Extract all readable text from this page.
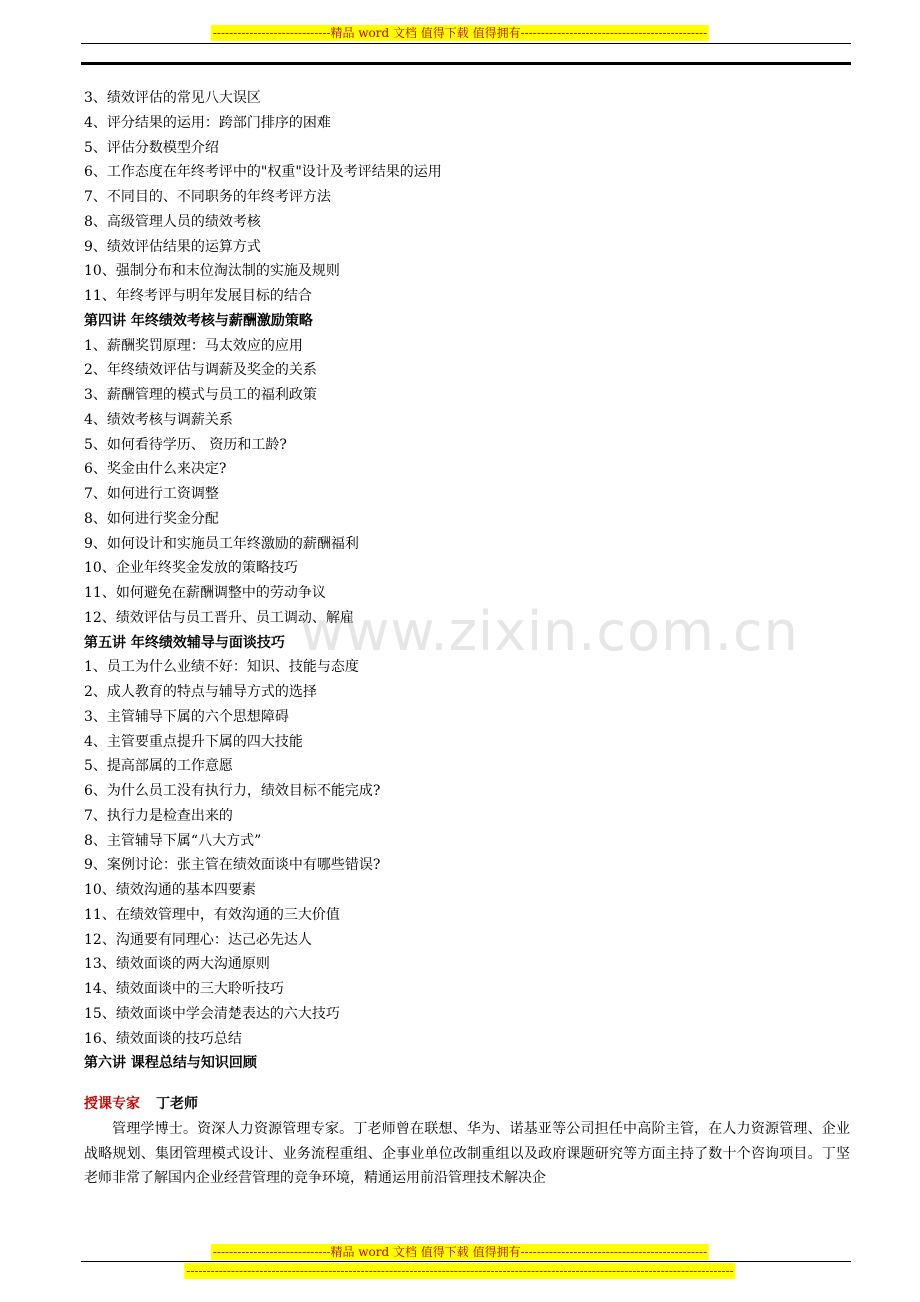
-----------------------------精品 word 文档 值得下载 值得拥有----------------------------------------------
www.zixin.com.cn
3、绩效评估的常见八大误区
4、评分结果的运用：跨部门排序的困难
5、评估分数模型介绍
6、工作态度在年终考评中的"权重"设计及考评结果的运用
7、不同目的、不同职务的年终考评方法
8、高级管理人员的绩效考核
9、绩效评估结果的运算方式
10、强制分布和末位淘汰制的实施及规则
11、年终考评与明年发展目标的结合
第四讲 年终绩效考核与薪酬激励策略
1、薪酬奖罚原理：马太效应的应用
2、年终绩效评估与调薪及奖金的关系
3、薪酬管理的模式与员工的福利政策
4、绩效考核与调薪关系
5、如何看待学历、 资历和工龄?
6、奖金由什么来决定?
7、如何进行工资调整
8、如何进行奖金分配
9、如何设计和实施员工年终激励的薪酬福利
10、企业年终奖金发放的策略技巧
11、如何避免在薪酬调整中的劳动争议
12、绩效评估与员工晋升、员工调动、解雇
第五讲 年终绩效辅导与面谈技巧
1、员工为什么业绩不好：知识、技能与态度
2、成人教育的特点与辅导方式的选择
3、主管辅导下属的六个思想障碍
4、主管要重点提升下属的四大技能
5、提高部属的工作意愿
6、为什么员工没有执行力，绩效目标不能完成?
7、执行力是检查出来的
8、主管辅导下属“八大方式”
9、案例讨论：张主管在绩效面谈中有哪些错误?
10、绩效沟通的基本四要素
11、在绩效管理中，有效沟通的三大价值
12、沟通要有同理心：达己必先达人
13、绩效面谈的两大沟通原则
14、绩效面谈中的三大聆听技巧
15、绩效面谈中学会清楚表达的六大技巧
16、绩效面谈的技巧总结
第六讲 课程总结与知识回顾
授课专家 丁老师
管理学博士。资深人力资源管理专家。丁老师曾在联想、华为、诺基亚等公司担任中高阶主管，在人力资源管理、企业战略规划、集团管理模式设计、业务流程重组、企事业单位改制重组以及政府课题研究等方面主持了数十个咨询项目。丁坚老师非常了解国内企业经营管理的竞争环境，精通运用前沿管理技术解决企
-----------------------------精品 word 文档 值得下载 值得拥有----------------------------------------------
---------------------------------------------------------------------------------------------------------------------------------------
